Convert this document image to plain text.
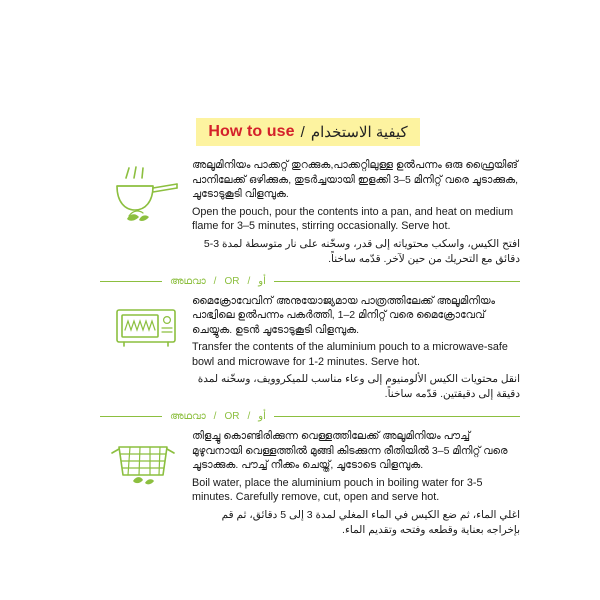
How to use / كيفية الاستخدام

അലൂമിനിയം പാക്കറ്റ് തുറക്കുക,പാക്കറ്റിലുള്ള ഉൽപന്നം ഒരു ഫ്രൈയിങ് പാനിലേക്ക് ഒഴിക്കുക, തുടർച്ചയായി ഇളക്കി 3–5 മിനിറ്റ് വരെ ചൂടാക്കുക, ചൂടോടുകൂടി വിളമ്പുക.

Open the pouch, pour the contents into a pan, and heat on medium flame for 3–5 minutes, stirring occasionally. Serve hot.

افتح الكيس، واسكب محتوياته إلى قدر، وسخّنه على نار متوسطة لمدة 3-5 دقائق مع التحريك من حين لآخر. قدّمه ساخناً.

അഥവാ / OR / أو

മൈക്രോവേവിന് അനുയോജ്യമായ പാത്രത്തിലേക്ക് അലൂമിനിയം പാഭ്വിലെ ഉൽപന്നം പകർത്തി, 1–2 മിനിറ്റ് വരെ മൈക്രോവേവ് ചെയ്യുക. ഉടൻ ചൂടോടുകൂടി വിളമ്പുക.

Transfer the contents of the aluminium pouch to a microwave-safe bowl and microwave for 1-2 minutes. Serve hot.

انقل محتويات الكيس الألومنيوم إلى وعاء مناسب للميكروويف، وسخّنه لمدة دقيقة إلى دقيقتين. قدّمه ساخناً.

അഥവാ / OR / أو

തിളച്ചു കൊണ്ടിരിക്കുന്ന വെള്ളത്തിലേക്ക് അലൂമിനിയം പൗച്ച് മുഴുവനായി വെള്ളത്തിൽ മുങ്ങി കിടക്കുന്ന രീതിയിൽ 3–5 മിനിറ്റ് വരെ ചൂടാക്കുക. പൗച്ച് നീക്കം ചെയ്ത്, ചൂടോടെ വിളമ്പുക.

Boil water, place the aluminium pouch in boiling water for 3-5 minutes. Carefully remove, cut, open and serve hot.

اغلي الماء، ثم ضع الكيس في الماء المغلي لمدة 3 إلى 5 دقائق، ثم قم بإخراجه بعناية وقطعه وفتحه وتقديم الماء.
